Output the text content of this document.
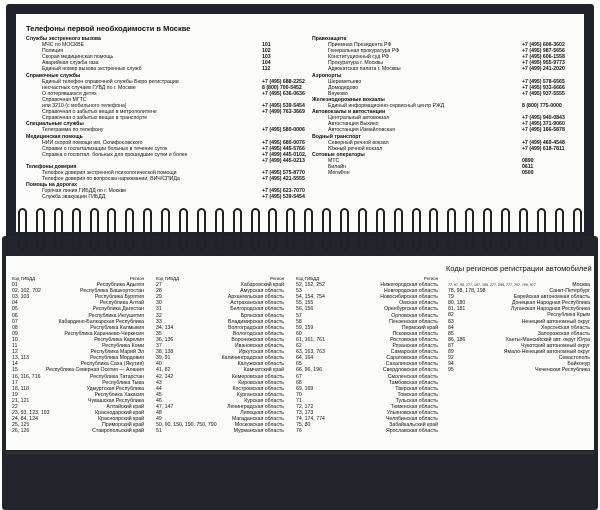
Телефоны первой необходимости в Москве
Службы экстренного вызова
МЧС по МОСКВЕ	101
Полиция	102
Скорая медицинская помощь	103
Аварийная служба газа	104
Единый номер вызова экстренных служб	112
Справочные службы
Единый телефон справочной службы Бюро регистрации	+7 (495) 688-2252
несчастных случаев ГУВД по г. Москве	8 (800) 700-5452
О потерявшихся детях	+7 (495) 636-0636
Справочная МГТС
или 3210 (с мобильного телефона)	+7 (495) 539-5454
Справочная о забытых вещах в метрополитене	+7 (499) 763-3669
Справочная о забытых вещах в транспорте
Специальные службы
Телеграмма по телефону	+7 (495) 580-0006
Медицинская помощь
НИИ скорой помощи им. Склифосовского	+7 (495) 680-0076
Справки о госпитализации больных в течение суток	+7 (495) 445-5766
Справка о госпитал. больных для прошедшие сутки и более	+7 (499) 445-0102,
+7 (499) 445-0213
Телефоны доверия
Телефон доверия экстренной психологической помощи	+7 (495) 575-8770
Телефон доверия по вопросам наркомании, ВИЧ/СПИДа	+7 (495) 421-5555
Помощь на дорогах
Горячая линия ГИБДД по г. Москве	+7 (495) 623-7070
Служба эвакуации ГИБДД	+7 (495) 539-5454
Правозащита
Приемная Президента РФ	+7 (495) 606-3602
Генеральная прокуратура РФ	+7 (495) 987-5656
Конституционный суд РФ	+7 (495) 606-1558
Прокуратура г. Москвы	+7 (495) 955-9773
Адвокатская палата г. Москвы	+7 (499) 241-2020
Аэропорты
Шереметьево	+7 (495) 578-6565
Домодедово	+7 (495) 933-6666
Внуково	+7 (495) 937-5555
Железнодорожные вокзалы
Единый информационно-сервисный центр РЖД	8 (800) 775-0000
Автовокзалы и автостанции
Центральный автовокзал	+7 (495) 940-0843
Автостанция Выхино	+7 (495) 371-9060
Автостанция Измайловская	+7 (495) 166-5878
Водный транспорт
Северный речной вокзал	+7 (499) 460-4548
Южный речной вокзал	+7 (499) 618-7811
Сотовые операторы
МТС	0890
Билайн	0611
МегаФон	0500
Коды регионов регистрации автомобилей
Код ГИБДД	Регион
01	Республика Адыгея
02, 102, 702	Республика Башкортостан
03, 103	Республика Бурятия
04	Республика Алтай
05	Республика Дагестан
06	Республика Ингушетия
07	Кабардино-Балкарская Республика
08	Республика Калмыкия
09	Республика Карачаево-Черкесия
10	Республика Карелия
11	Республика Коми
12	Республика Марий Эл
13, 113	Республика Мордовия
14	Республика Саха (Якутия)
15	Республика Северная Осетия — Алания
16, 116, 716	Республика Татарстан
17	Республика Тыва
18, 118	Удмуртская Республика
19	Республика Хакасия
21, 121	Чувашская Республика
22	Алтайский край
23, 93, 123, 193	Краснодарский край
24, 84, 124	Красноярский край
25, 125	Приморский край
26, 126	Ставропольский край
Код ГИБДД	Регион
27	Хабаровский край
28	Амурская область
29	Архангельская область
30	Астраханская область
31	Белгородская область
32	Брянская область
33	Владимирская область
34, 134	Волгоградская область
35	Вологодская область
36, 136	Воронежская область
37	Ивановская область
38, 138	Иркутская область
39, 91	Калининградская область
40	Калужская область
41, 82	Камчатский край
42, 142	Кемеровская область
43	Кировская область
44	Костромская область
45	Курганская область
46	Курская область
47, 147	Ленинградская область
48	Липецкая область
49	Магаданская область
50, 90, 150, 190, 750, 790	Московская область
51	Мурманская область
Код ГИБДД	Регион
52, 152, 252	Нижегородская область
53	Новгородская область
54, 154, 754	Новосибирская область
55, 155	Омская область
56, 156	Оренбургская область
57	Орловская область
58	Пензенская область
59, 159	Пермский край
60	Псковская область
61, 161, 761	Ростовская область
62	Рязанская область
63, 163, 763	Самарская область
64, 164	Саратовская область
65	Сахалинская область
66, 96, 196	Свердловская область
67	Смоленская область
68	Тамбовская область
69, 169	Тверская область
70	Томская область
71	Тульская область
72, 172	Тюменская область
73, 173	Ульяновская область
74, 174, 774	Челябинская область
75, 80	Забайкальский край
76	Ярославская область
77, 97, 99, 177, 197, 199, 277, 299, 777, 797, 799, 977	Москва
78, 98, 178, 198	Санкт-Петербург
79	Еврейская автономная область
80, 180	Донецкая Народная Республика
81, 181	Луганская Народная Республика
82	Республика Крым
83	Ненецкий автономный округ
84	Херсонская область
85	Запорожская область
86, 186	Ханты-Мансийский авт. округ Югра
87	Чукотский автономный округ
89	Ямало-Ненецкий автономный округ
92	Севастополь
94	Байконур
95	Чеченская Республика
